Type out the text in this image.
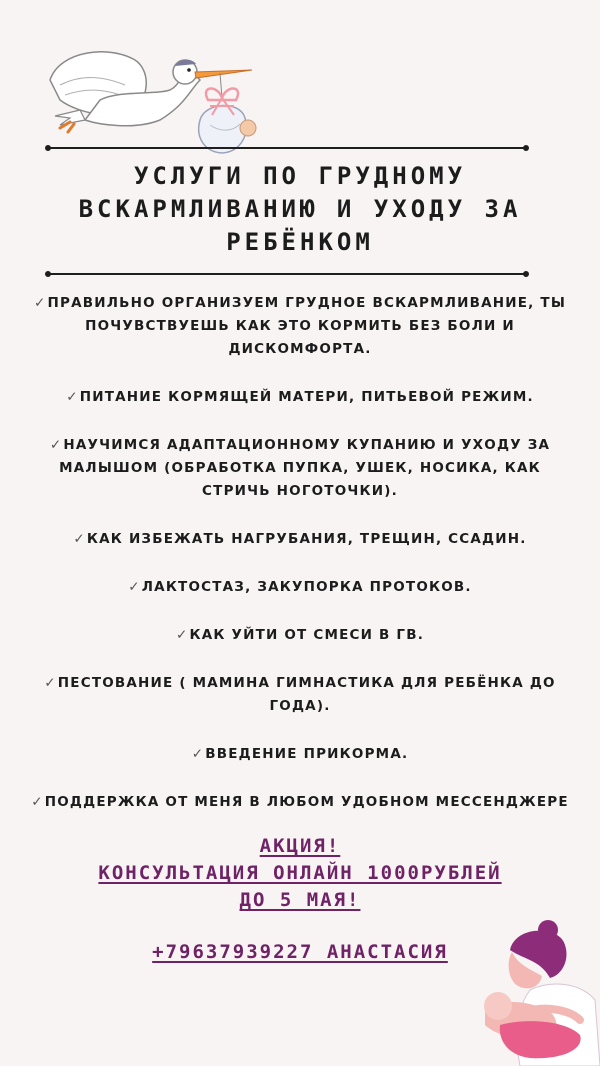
УСЛУГИ ПО ГРУДНОМУ
ВСКАРМЛИВАНИЮ И УХОДУ ЗА
РЕБЁНКОМ
✓ПРАВИЛЬНО ОРГАНИЗУЕМ ГРУДНОЕ ВСКАРМЛИВАНИЕ, ТЫ ПОЧУВСТВУЕШЬ КАК ЭТО КОРМИТЬ БЕЗ БОЛИ И ДИСКОМФОРТА.
✓ПИТАНИЕ КОРМЯЩЕЙ МАТЕРИ, ПИТЬЕВОЙ РЕЖИМ.
✓НАУЧИМСЯ АДАПТАЦИОННОМУ КУПАНИЮ И УХОДУ ЗА МАЛЫШОМ (ОБРАБОТКА ПУПКА, УШЕК, НОСИКА, КАК СТРИЧЬ НОГОТОЧКИ).
✓КАК ИЗБЕЖАТЬ НАГРУБАНИЯ, ТРЕЩИН, ССАДИН.
✓ЛАКТОСТАЗ, ЗАКУПОРКА ПРОТОКОВ.
✓КАК УЙТИ ОТ СМЕСИ В ГВ.
✓ПЕСТОВАНИЕ ( МАМИНА ГИМНАСТИКА ДЛЯ РЕБЁНКА ДО ГОДА).
✓ВВЕДЕНИЕ ПРИКОРМА.
✓ПОДДЕРЖКА ОТ МЕНЯ В ЛЮБОМ УДОБНОМ МЕССЕНДЖЕРЕ
АКЦИЯ!
КОНСУЛЬТАЦИЯ ОНЛАЙН 1000РУБЛЕЙ
ДО 5 МАЯ!
+79637939227 АНАСТАСИЯ
